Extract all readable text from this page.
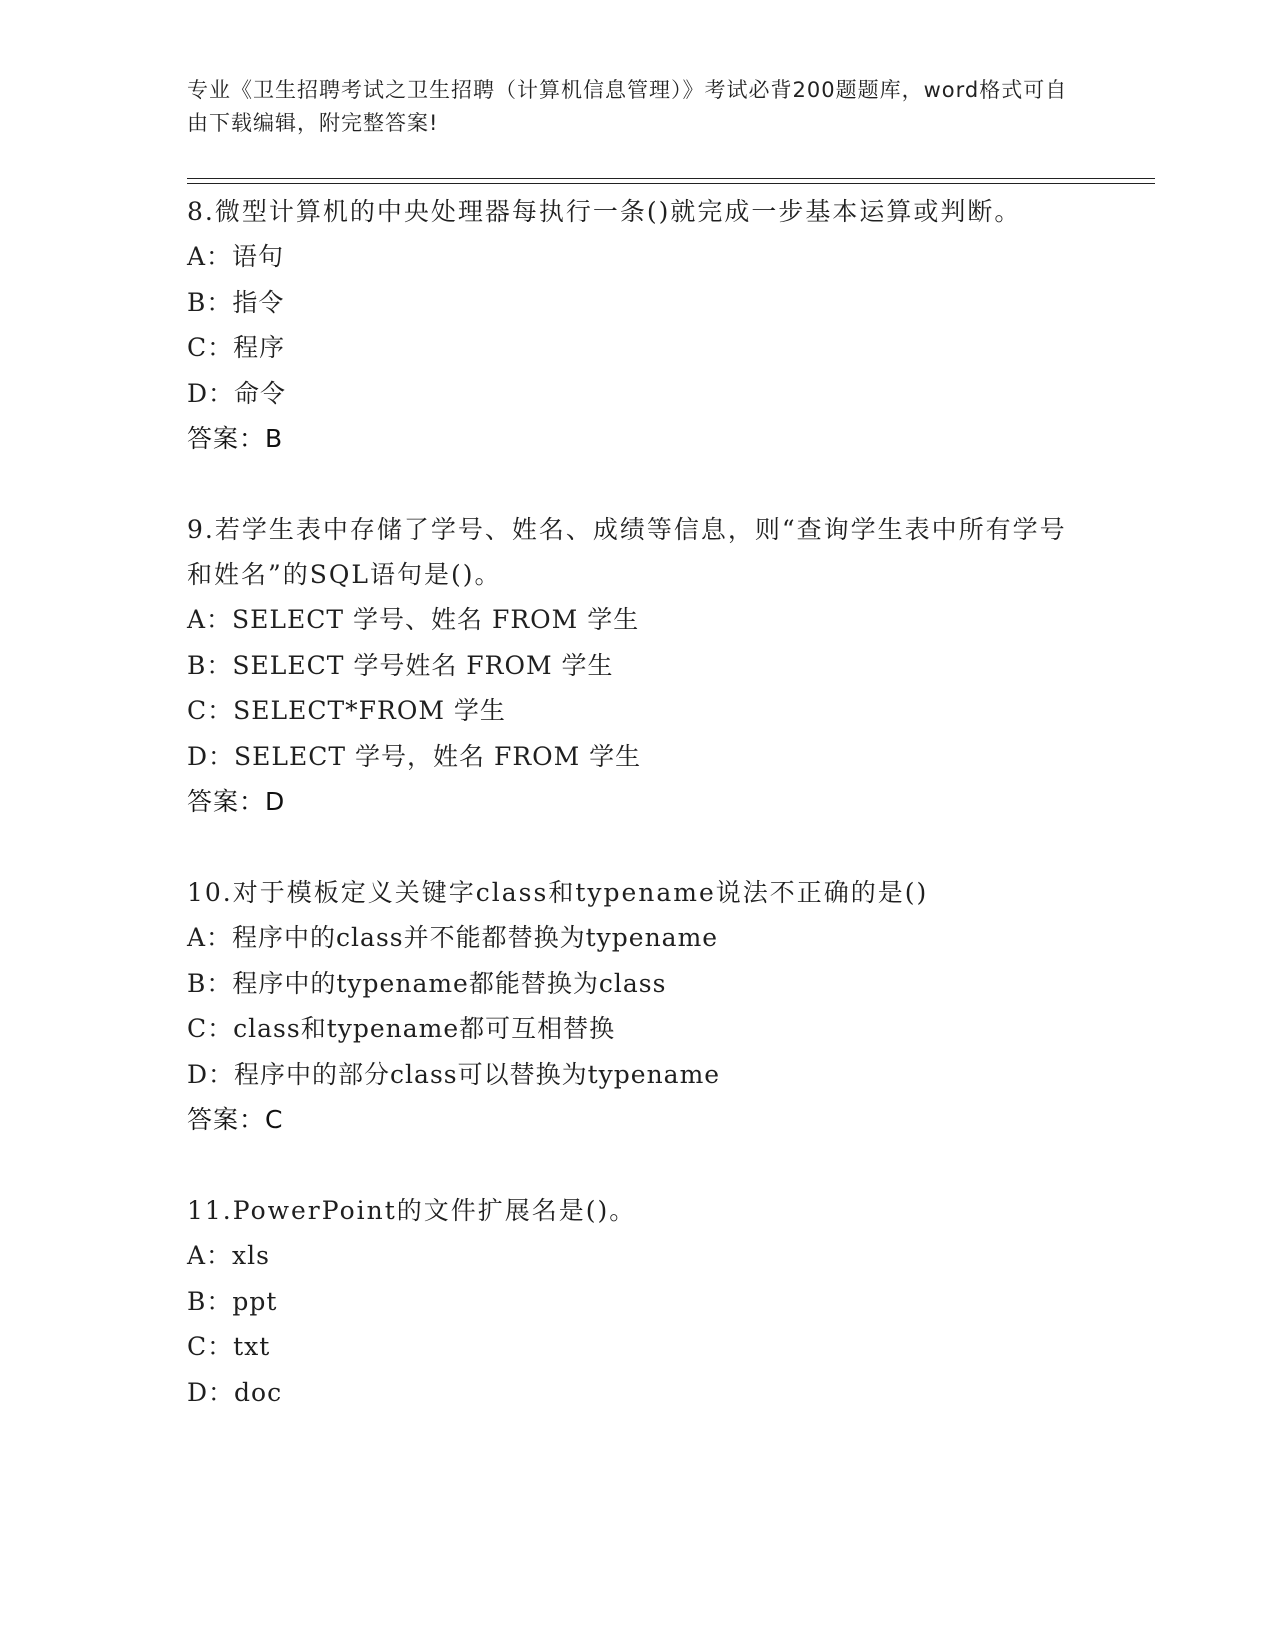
专业《卫生招聘考试之卫生招聘（计算机信息管理）》考试必背200题题库，word格式可自由下载编辑，附完整答案!
8.微型计算机的中央处理器每执行一条()就完成一步基本运算或判断。
A：语句
B：指令
C：程序
D：命令
答案：B
9.若学生表中存储了学号、姓名、成绩等信息，则“查询学生表中所有学号和姓名”的SQL语句是()。
A：SELECT 学号、姓名 FROM 学生
B：SELECT 学号姓名 FROM 学生
C：SELECT*FROM 学生
D：SELECT 学号，姓名 FROM 学生
答案：D
10.对于模板定义关键字class和typename说法不正确的是()
A：程序中的class并不能都替换为typename
B：程序中的typename都能替换为class
C：class和typename都可互相替换
D：程序中的部分class可以替换为typename
答案：C
11.PowerPoint的文件扩展名是()。
A：xls
B：ppt
C：txt
D：doc
